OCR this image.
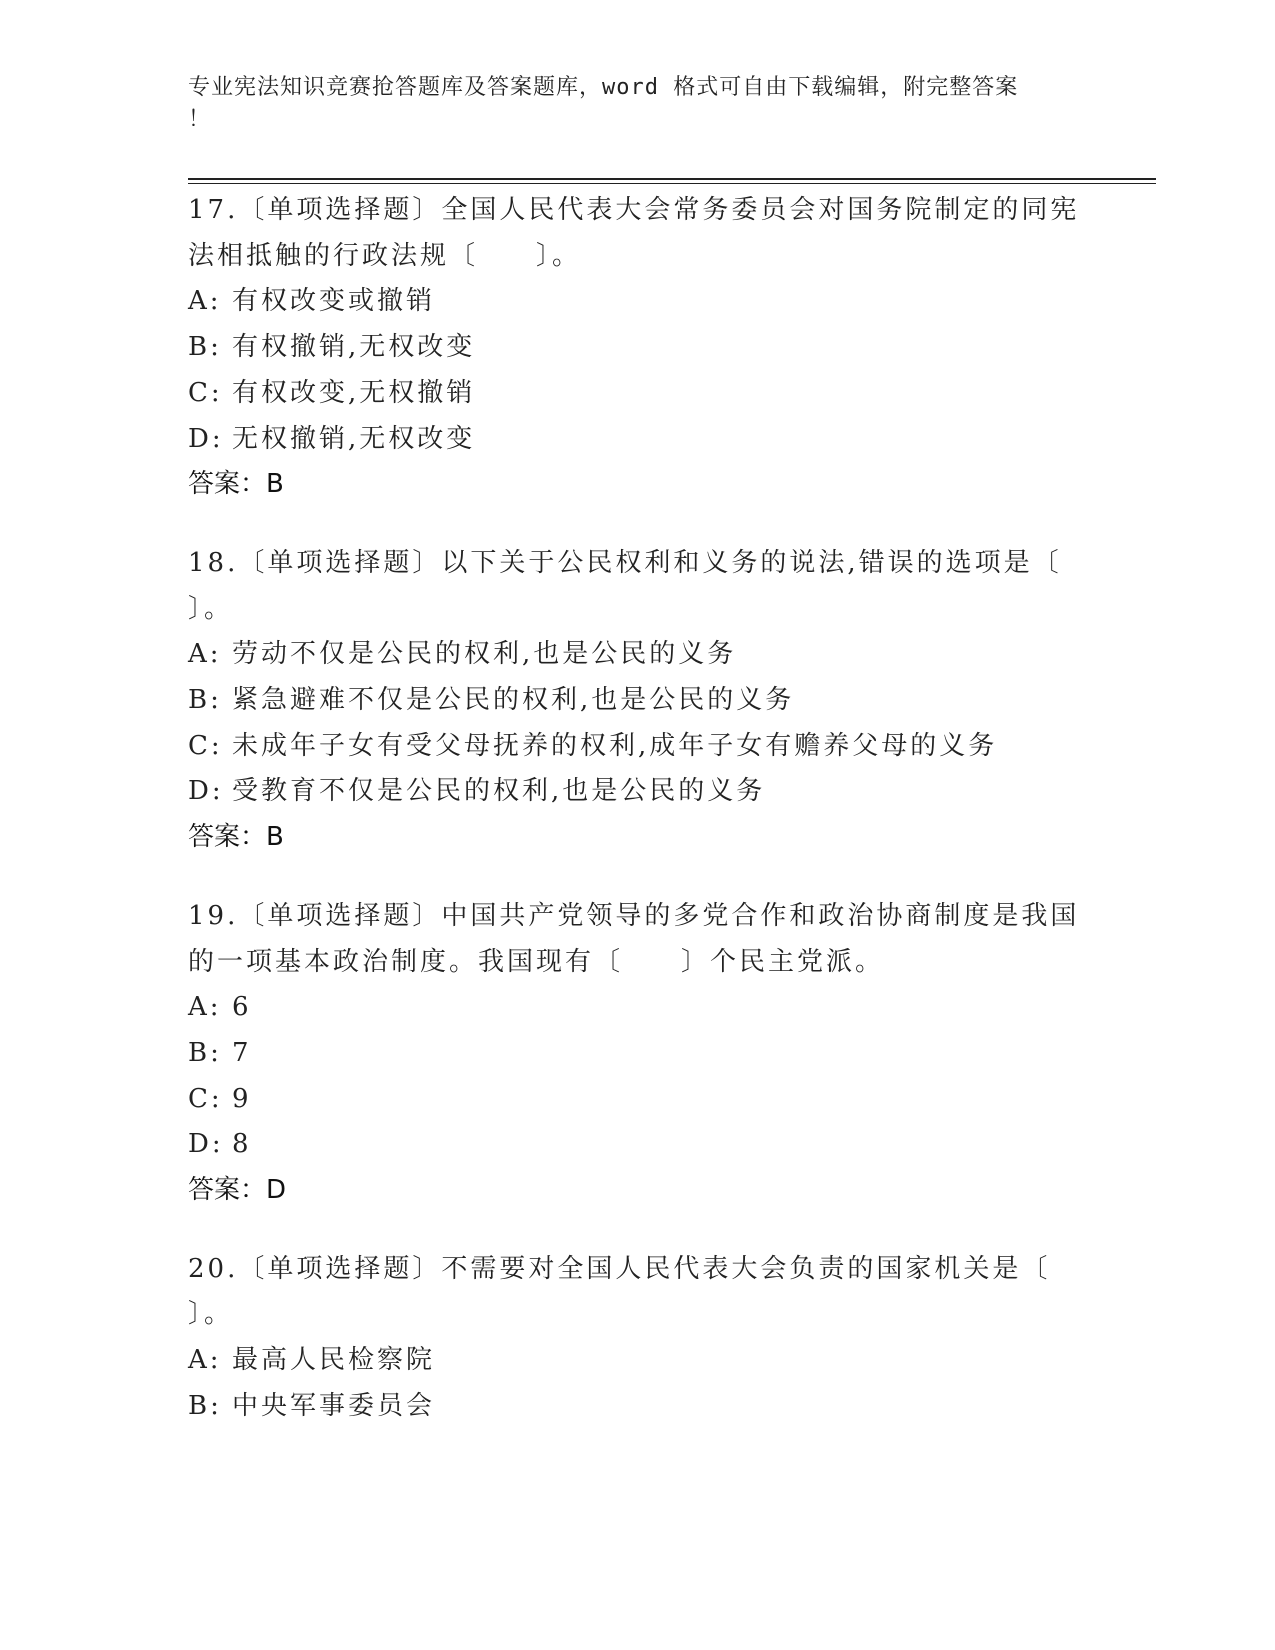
专业宪法知识竞赛抢答题库及答案题库，word 格式可自由下载编辑，附完整答案
！

17.〔单项选择题〕全国人民代表大会常务委员会对国务院制定的同宪

法相抵触的行政法规〔　　〕。

A: 有权改变或撤销

B: 有权撤销,无权改变

C: 有权改变,无权撤销

D: 无权撤销,无权改变

答案：B

18.〔单项选择题〕以下关于公民权利和义务的说法,错误的选项是〔

〕。

A: 劳动不仅是公民的权利,也是公民的义务

B: 紧急避难不仅是公民的权利,也是公民的义务

C: 未成年子女有受父母抚养的权利,成年子女有赡养父母的义务

D: 受教育不仅是公民的权利,也是公民的义务

答案：B

19.〔单项选择题〕中国共产党领导的多党合作和政治协商制度是我国

的一项基本政治制度。我国现有〔　　〕个民主党派。

A: 6

B: 7

C: 9

D: 8

答案：D

20.〔单项选择题〕不需要对全国人民代表大会负责的国家机关是〔

〕。

A: 最高人民检察院

B: 中央军事委员会
